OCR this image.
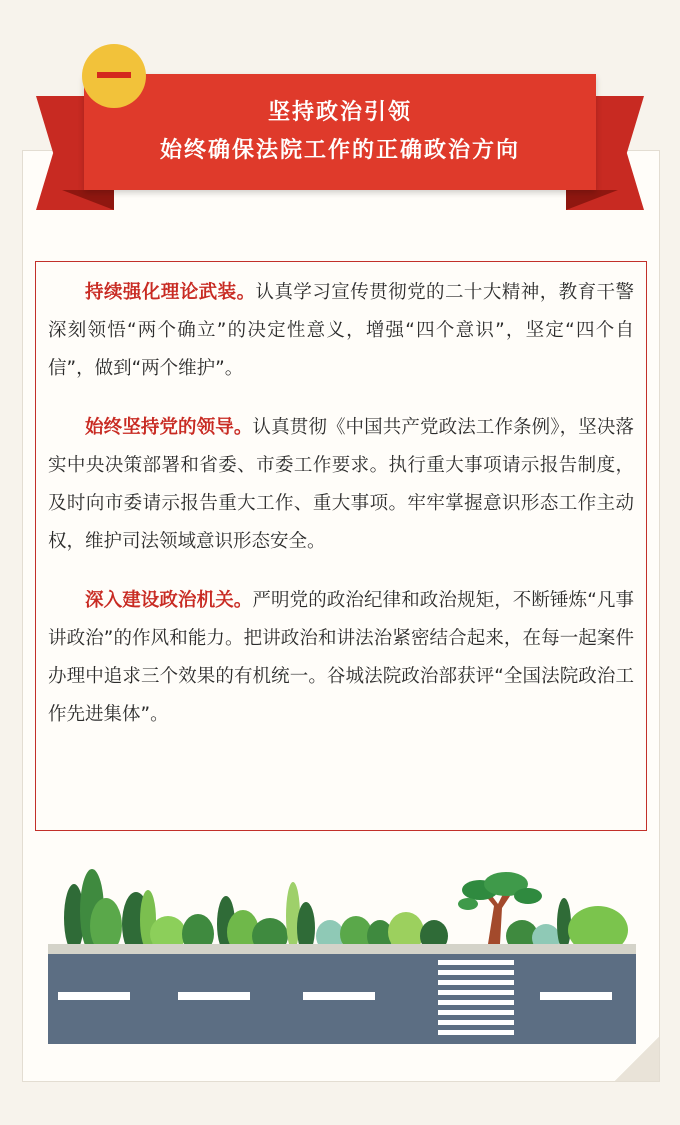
坚持政治引领
始终确保法院工作的正确政治方向

持续强化理论武装。认真学习宣传贯彻党的二十大精神，教育干警深刻领悟“两个确立”的决定性意义，增强“四个意识”，坚定“四个自信”，做到“两个维护”。

始终坚持党的领导。认真贯彻《中国共产党政法工作条例》，坚决落实中央决策部署和省委、市委工作要求。执行重大事项请示报告制度，及时向市委请示报告重大工作、重大事项。牢牢掌握意识形态工作主动权，维护司法领域意识形态安全。

深入建设政治机关。严明党的政治纪律和政治规矩，不断锤炼“凡事讲政治”的作风和能力。把讲政治和讲法治紧密结合起来，在每一起案件办理中追求三个效果的有机统一。谷城法院政治部获评“全国法院政治工作先进集体”。
